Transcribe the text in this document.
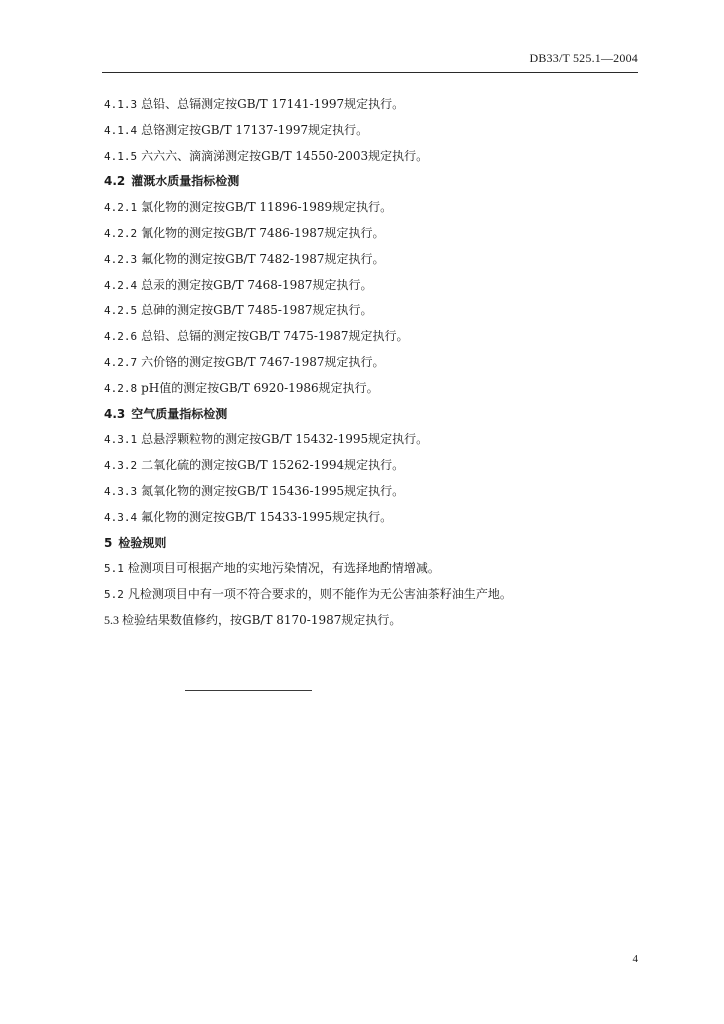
DB33/T 525.1—2004
4.1.3 总铅、总镉测定按GB/T 17141-1997规定执行。
4.1.4 总铬测定按GB/T 17137-1997规定执行。
4.1.5 六六六、滴滴涕测定按GB/T 14550-2003规定执行。
4.2 灌溉水质量指标检测
4.2.1 氯化物的测定按GB/T 11896-1989规定执行。
4.2.2 氰化物的测定按GB/T 7486-1987规定执行。
4.2.3 氟化物的测定按GB/T 7482-1987规定执行。
4.2.4 总汞的测定按GB/T 7468-1987规定执行。
4.2.5 总砷的测定按GB/T 7485-1987规定执行。
4.2.6 总铅、总镉的测定按GB/T 7475-1987规定执行。
4.2.7 六价铬的测定按GB/T 7467-1987规定执行。
4.2.8 pH值的测定按GB/T 6920-1986规定执行。
4.3 空气质量指标检测
4.3.1 总悬浮颗粒物的测定按GB/T 15432-1995规定执行。
4.3.2 二氧化硫的测定按GB/T 15262-1994规定执行。
4.3.3 氮氧化物的测定按GB/T 15436-1995规定执行。
4.3.4 氟化物的测定按GB/T 15433-1995规定执行。
5 检验规则
5.1 检测项目可根据产地的实地污染情况，有选择地酌情增减。
5.2 凡检测项目中有一项不符合要求的，则不能作为无公害油茶籽油生产地。
5.3 检验结果数值修约，按GB/T 8170-1987规定执行。
4
